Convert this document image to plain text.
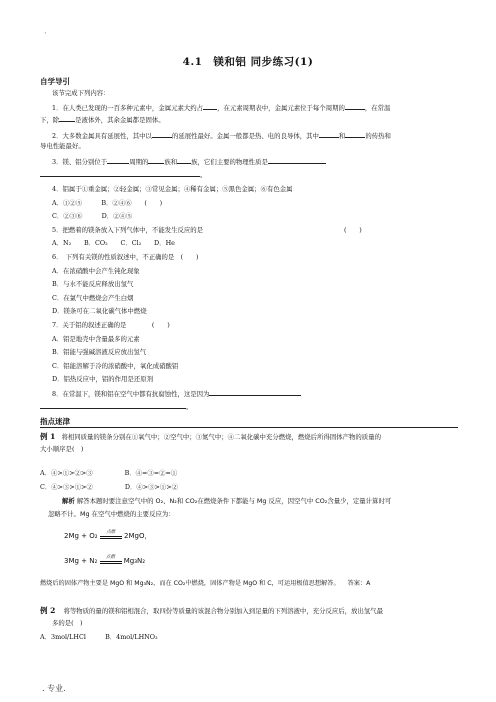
`
4.1　镁和铝 同步练习(1)
自学导引
该节完成下列内容：
1．在人类已发现的一百多种元素中，金属元素大约占 ，在元素周期表中，金属元素位于每个周期的	，在常温
下，除	是液体外，其余金属都是固体。
2．大多数金属具有延展性，其中以	的延展性最好。金属一般都是热、电的良导体，其中	和	的传热和
导电性能最好。
3．镁、铝分别位于	周期的	族和 族，它们主要的物理性质是
。
4．铝属于①重金属；②轻金属；③常见金属；④稀有金属；⑤黑色金属；⑥有色金属
A．①②⑤　　　B．②④⑥　　(　　)
C．②③⑥　　　D．②④⑤
5．把燃着的镁条放入下列气体中，不能发生反应的是	(　　)
A．N₂　　B．CO₂　　C．Cl₂　　D．He
6．　下列有关镁的性质叙述中，不正确的是　(　　)
A．在浓硝酸中会产生钝化现象
B．与水不能反应释放出氢气
C．在氯气中燃烧会产生白烟
D．镁条可在二氧化碳气体中燃烧
7．关于铝的叙述正确的是　　　　(　　)
A．铝是地壳中含量最多的元素
B．铝能与强碱溶液反应放出氢气
C．铝能溶解于冷的浓硝酸中，氧化成硝酸铝
D．铝热反应中，铝的作用是还原剂
8．在常温下，镁和铝在空气中都有抗腐蚀性，这是因为
。
指点迷津
例 1 将相同质量的镁条分别在①氧气中；②空气中；③氮气中；④二氧化碳中充分燃烧，燃烧后所得固体产物的质量的
大小顺序是(　)
A．④>①>②>③　　　　　B．④=③=②=①
C．④>③>①>②　　　　　D．④>③>①>②
解析 解答本题时要注意空气中的 O₂、N₂和 CO₂在燃烧条件下都能与 Mg 反应，因空气中 CO₂含量少，定量计算时可
忽略不计。Mg 在空气中燃烧的主要反应为：
2Mg + O₂	点燃	2MgO，
3Mg + N₂	点燃	Mg₃N₂
燃烧后的固体产物主要是 MgO 和 Mg₃N₂，而在 CO₂中燃烧，固体产物是 MgO 和 C，可运用极值思想解答。 答案：A
例 2 将等物质的量的镁和铝相混合，取四份等质量的该混合物分别加入到足量的下列溶液中，充分反应后，放出氢气最
多的是(　)
A．3mol/LHCl　　　B．4mol/LHNO₃
. 专业.
